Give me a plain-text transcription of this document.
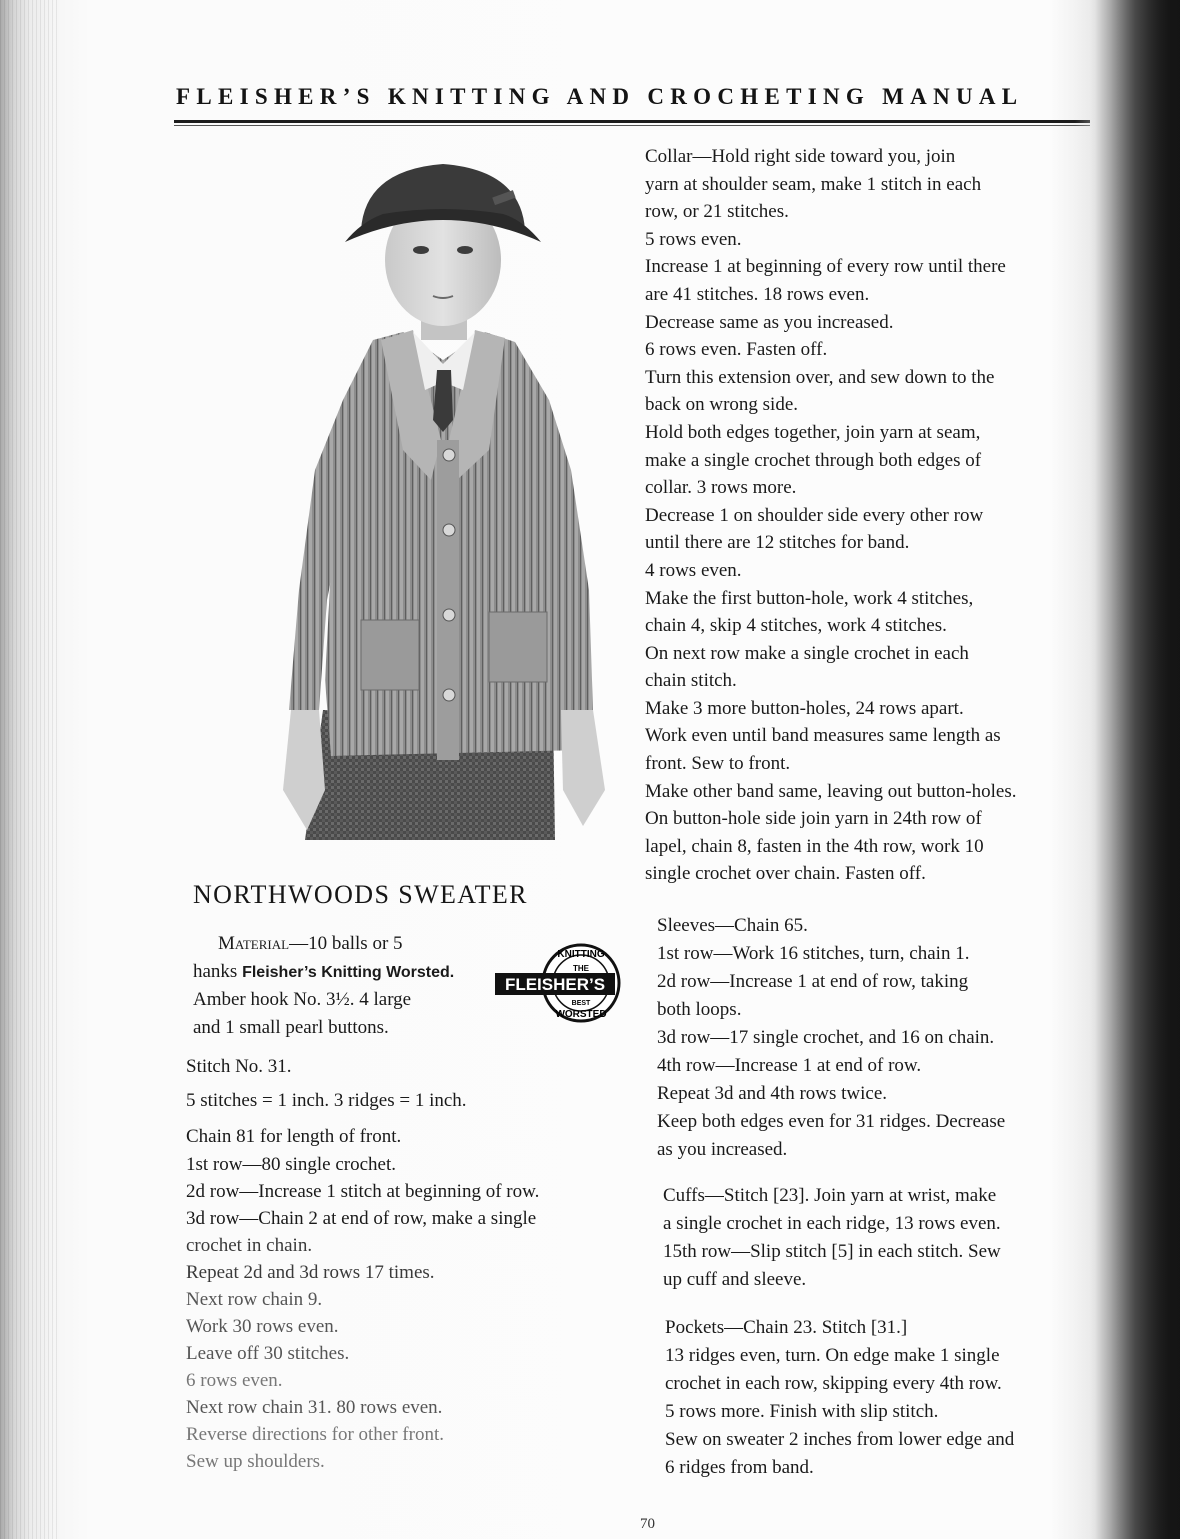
FLEISHER’S KNITTING AND CROCHETING MANUAL
NORTHWOODS SWEATER
Material—10 balls or 5
hanks Fleisher’s Knitting Worsted.
Amber hook No. 3½. 4 large
and 1 small pearl buttons.
KNITTING
THE
FLEISHER’S
BEST
WORSTED
Stitch No. 31.
5 stitches = 1 inch. 3 ridges = 1 inch.
Chain 81 for length of front.
1st row—80 single crochet.
2d row—Increase 1 stitch at beginning of row.
3d row—Chain 2 at end of row, make a single
crochet in chain.
Repeat 2d and 3d rows 17 times.
Next row chain 9.
Work 30 rows even.
Leave off 30 stitches.
6 rows even.
Next row chain 31. 80 rows even.
Reverse directions for other front.
Sew up shoulders.
Collar—Hold right side toward you, join
yarn at shoulder seam, make 1 stitch in each
row, or 21 stitches.
5 rows even.
Increase 1 at beginning of every row until there
are 41 stitches. 18 rows even.
Decrease same as you increased.
6 rows even. Fasten off.
Turn this extension over, and sew down to the
back on wrong side.
Hold both edges together, join yarn at seam,
make a single crochet through both edges of
collar. 3 rows more.
Decrease 1 on shoulder side every other row
until there are 12 stitches for band.
4 rows even.
Make the first button-hole, work 4 stitches,
chain 4, skip 4 stitches, work 4 stitches.
On next row make a single crochet in each
chain stitch.
Make 3 more button-holes, 24 rows apart.
Work even until band measures same length as
front. Sew to front.
Make other band same, leaving out button-holes.
On button-hole side join yarn in 24th row of
lapel, chain 8, fasten in the 4th row, work 10
single crochet over chain. Fasten off.
Sleeves—Chain 65.
1st row—Work 16 stitches, turn, chain 1.
2d row—Increase 1 at end of row, taking
both loops.
3d row—17 single crochet, and 16 on chain.
4th row—Increase 1 at end of row.
Repeat 3d and 4th rows twice.
Keep both edges even for 31 ridges. Decrease
as you increased.
Cuffs—Stitch [23]. Join yarn at wrist, make
a single crochet in each ridge, 13 rows even.
15th row—Slip stitch [5] in each stitch. Sew
up cuff and sleeve.
Pockets—Chain 23. Stitch [31.]
13 ridges even, turn. On edge make 1 single
crochet in each row, skipping every 4th row.
5 rows more. Finish with slip stitch.
Sew on sweater 2 inches from lower edge and
6 ridges from band.
70
